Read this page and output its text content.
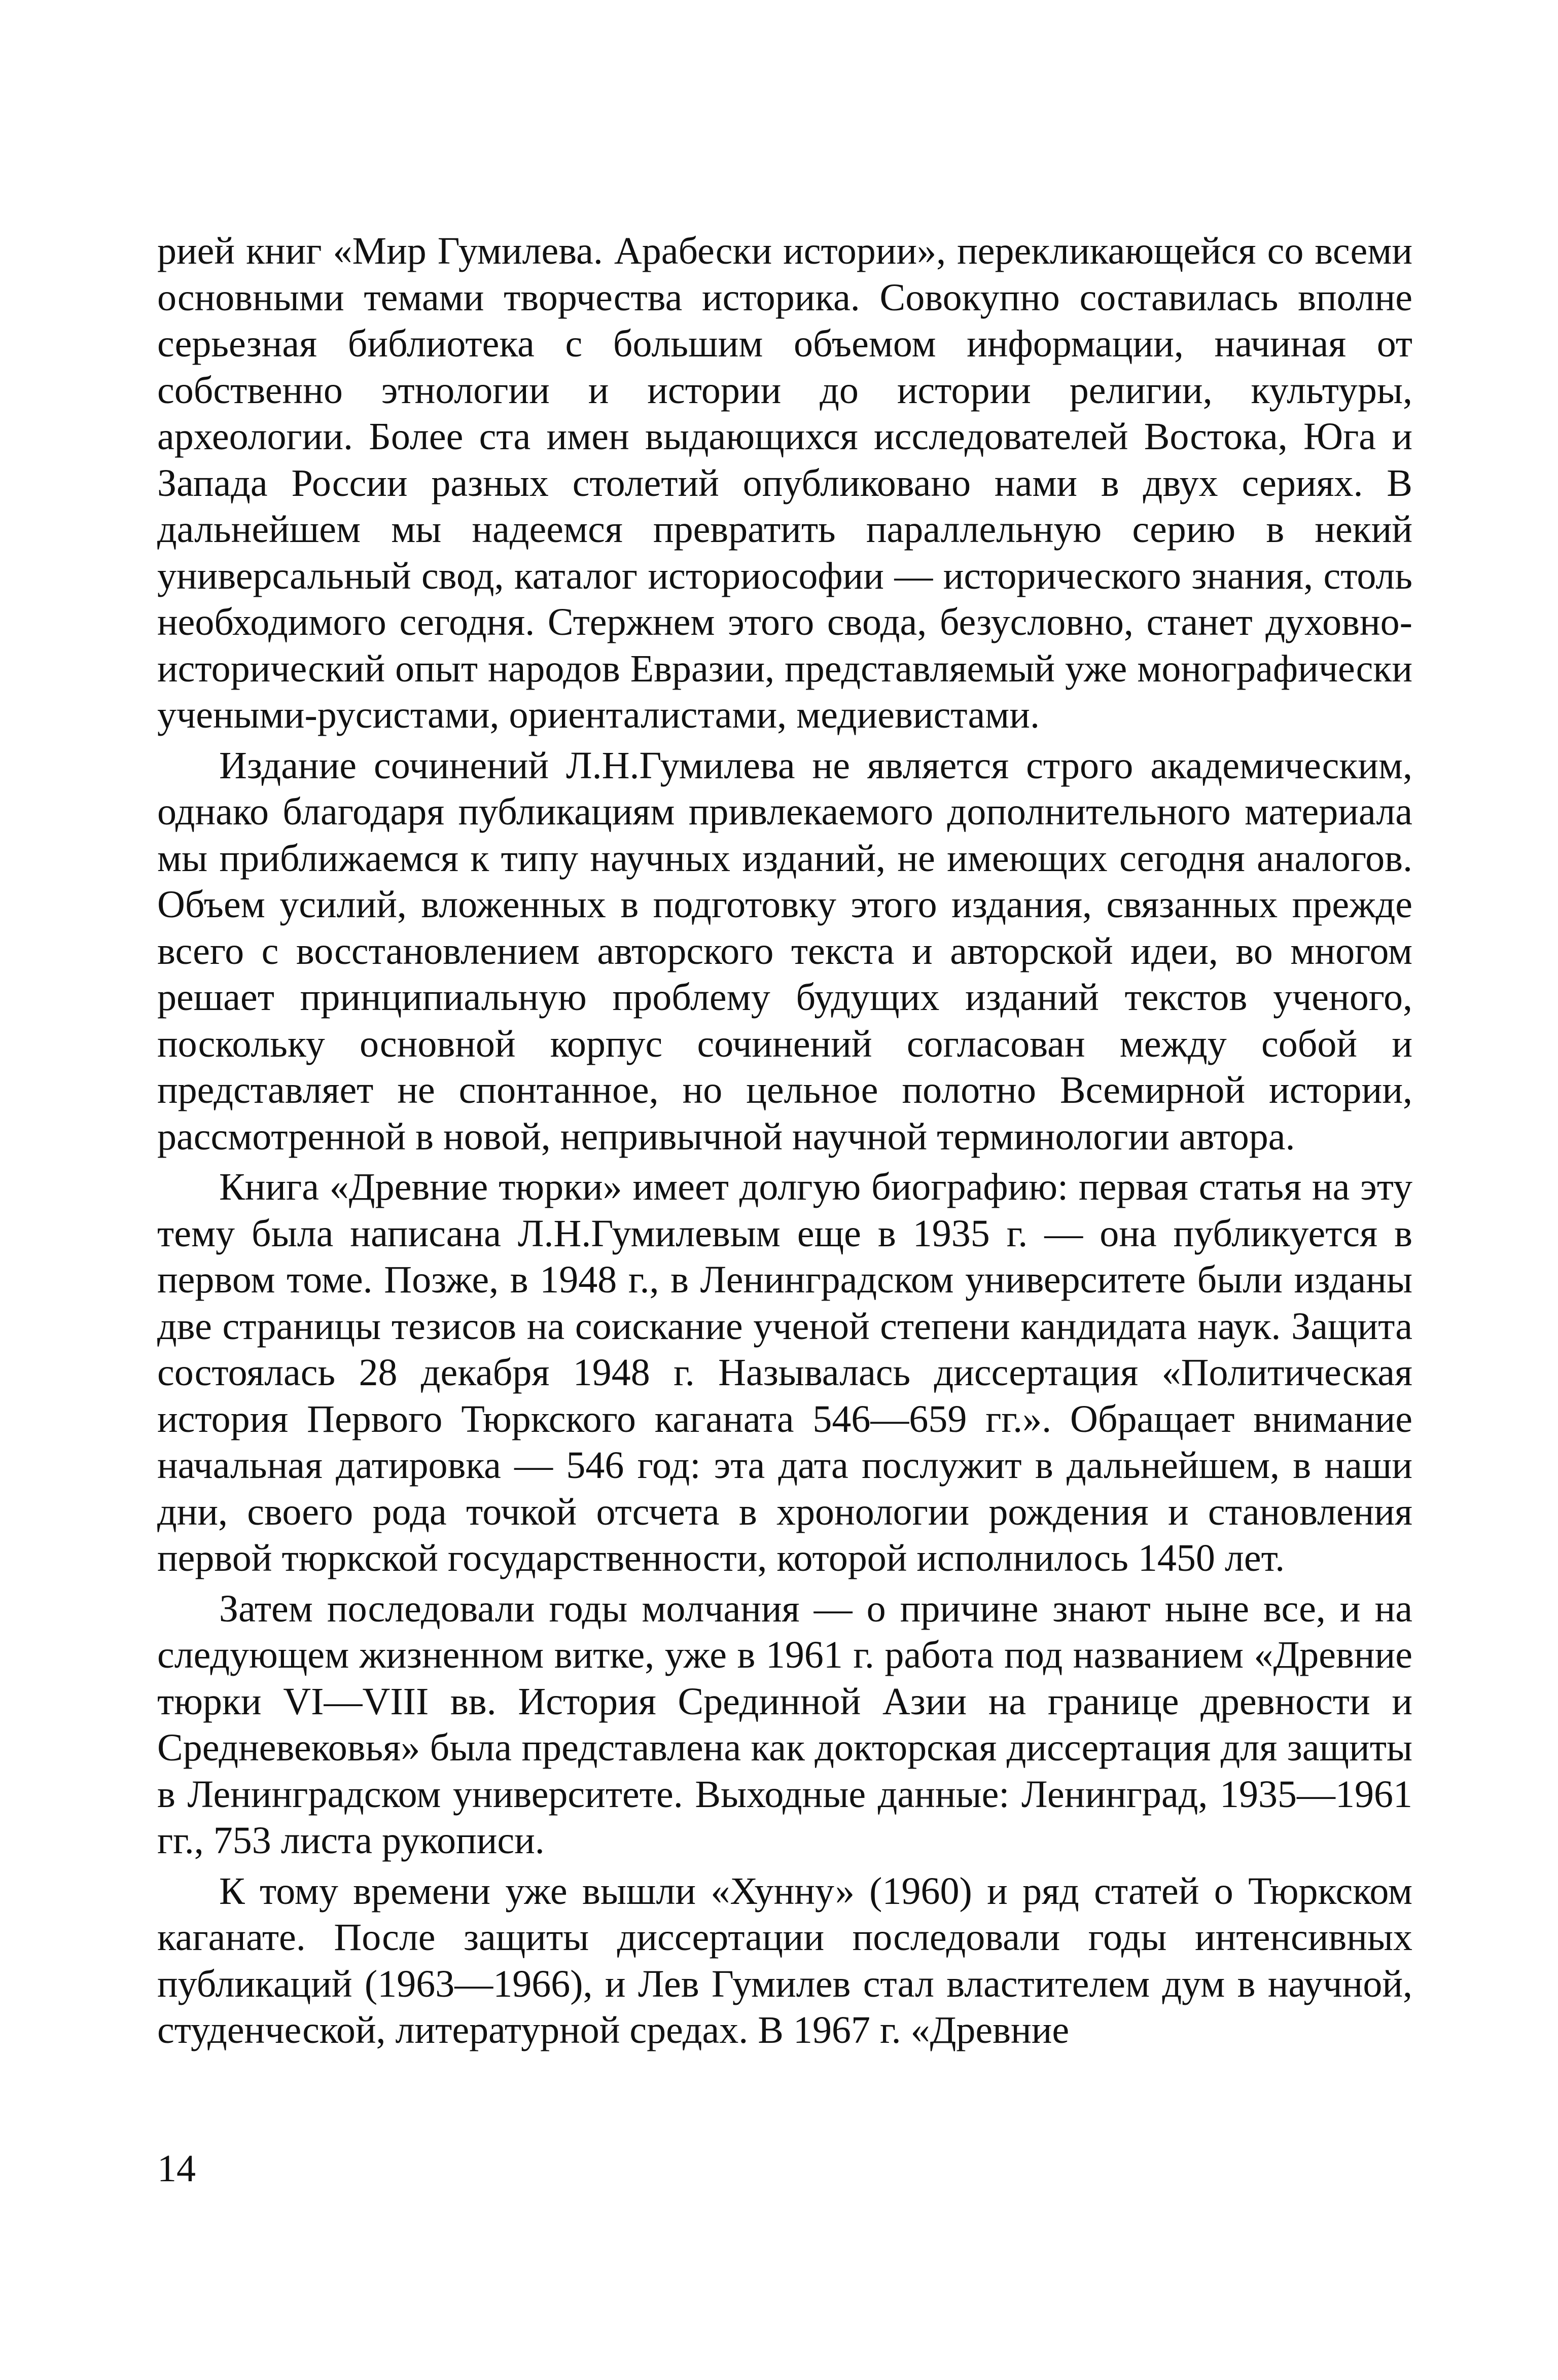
рией книг «Мир Гумилева. Арабески истории», перекликающейся со всеми основными темами творчества историка. Совокупно составилась вполне серьезная библиотека с большим объемом информации, начиная от собственно этнологии и истории до истории религии, культуры, археологии. Более ста имен выдающихся исследователей Востока, Юга и Запада России разных столетий опубликовано нами в двух сериях. В дальнейшем мы надеемся превратить параллельную серию в некий универсальный свод, каталог историософии — исторического знания, столь необходимого сегодня. Стержнем этого свода, безусловно, станет духовно-исторический опыт народов Евразии, представляемый уже монографически учеными-русистами, ориенталистами, медиевистами.

Издание сочинений Л.Н.Гумилева не является строго академическим, однако благодаря публикациям привлекаемого дополнительного материала мы приближаемся к типу научных изданий, не имеющих сегодня аналогов. Объем усилий, вложенных в подготовку этого издания, связанных прежде всего с восстановлением авторского текста и авторской идеи, во многом решает принципиальную проблему будущих изданий текстов ученого, поскольку основной корпус сочинений согласован между собой и представляет не спонтанное, но цельное полотно Всемирной истории, рассмотренной в новой, непривычной научной терминологии автора.

Книга «Древние тюрки» имеет долгую биографию: первая статья на эту тему была написана Л.Н.Гумилевым еще в 1935 г. — она публикуется в первом томе. Позже, в 1948 г., в Ленинградском университете были изданы две страницы тезисов на соискание ученой степени кандидата наук. Защита состоялась 28 декабря 1948 г. Называлась диссертация «Политическая история Первого Тюркского каганата 546—659 гг.». Обращает внимание начальная датировка — 546 год: эта дата послужит в дальнейшем, в наши дни, своего рода точкой отсчета в хронологии рождения и становления первой тюркской государственности, которой исполнилось 1450 лет.

Затем последовали годы молчания — о причине знают ныне все, и на следующем жизненном витке, уже в 1961 г. работа под названием «Древние тюрки VI—VIII вв. История Срединной Азии на границе древности и Средневековья» была представлена как докторская диссертация для защиты в Ленинградском университете. Выходные данные: Ленинград, 1935—1961 гг., 753 листа рукописи.

К тому времени уже вышли «Хунну» (1960) и ряд статей о Тюркском каганате. После защиты диссертации последовали годы интенсивных публикаций (1963—1966), и Лев Гумилев стал властителем дум в научной, студенческой, литературной средах. В 1967 г. «Древние

14
